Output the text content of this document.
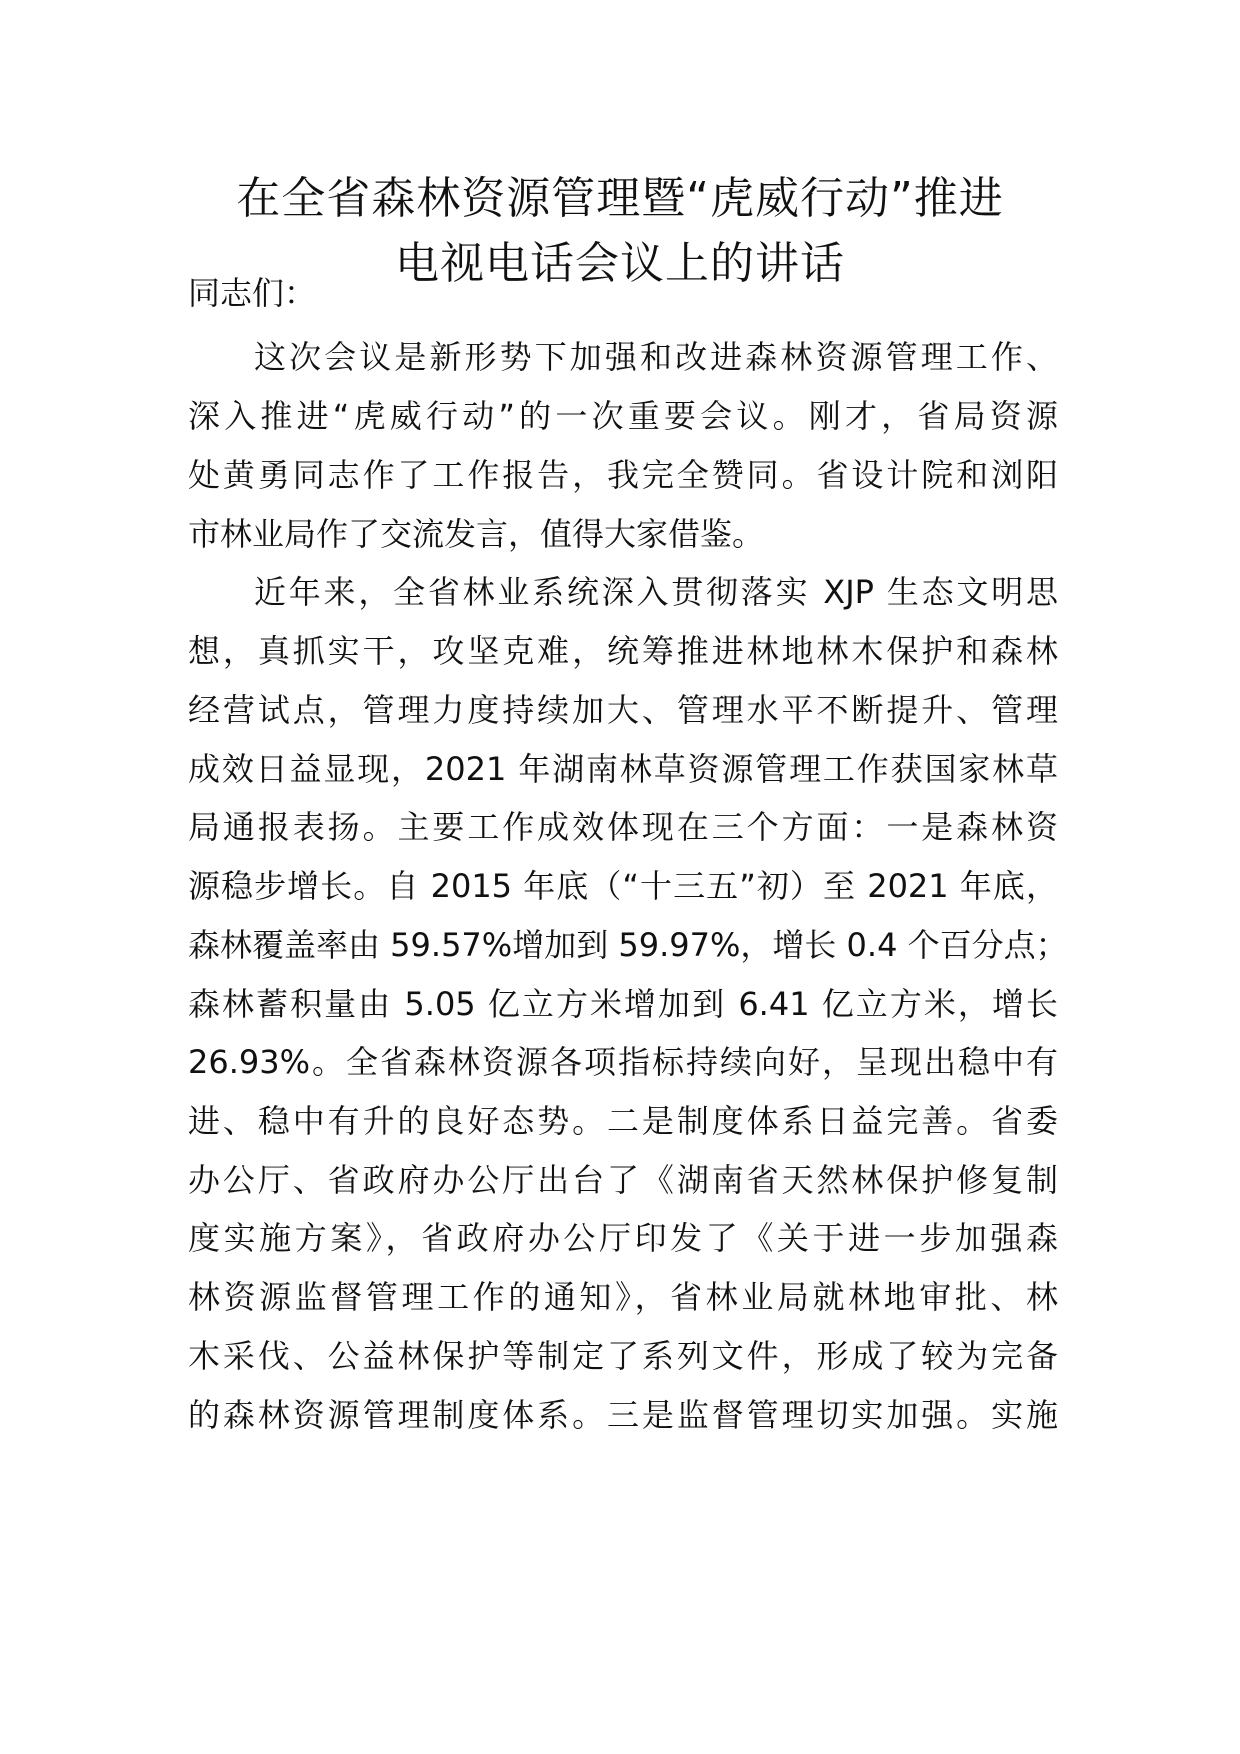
在全省森林资源管理暨“虎威行动”推进
电视电话会议上的讲话

同志们：

这次会议是新形势下加强和改进森林资源管理工作、

深入推进“虎威行动”的一次重要会议。刚才，省局资源

处黄勇同志作了工作报告，我完全赞同。省设计院和浏阳

市林业局作了交流发言，值得大家借鉴。

近年来，全省林业系统深入贯彻落实 XJP 生态文明思

想，真抓实干，攻坚克难，统筹推进林地林木保护和森林

经营试点，管理力度持续加大、管理水平不断提升、管理

成效日益显现，2021 年湖南林草资源管理工作获国家林草

局通报表扬。主要工作成效体现在三个方面：一是森林资

源稳步增长。自 2015 年底（“十三五”初）至 2021 年底，

森林覆盖率由 59.57%增加到 59.97%，增长 0.4 个百分点；

森林蓄积量由 5.05 亿立方米增加到 6.41 亿立方米，增长

26.93%。全省森林资源各项指标持续向好，呈现出稳中有

进、稳中有升的良好态势。二是制度体系日益完善。省委

办公厅、省政府办公厅出台了《湖南省天然林保护修复制

度实施方案》，省政府办公厅印发了《关于进一步加强森

林资源监督管理工作的通知》，省林业局就林地审批、林

木采伐、公益林保护等制定了系列文件，形成了较为完备

的森林资源管理制度体系。三是监督管理切实加强。实施
